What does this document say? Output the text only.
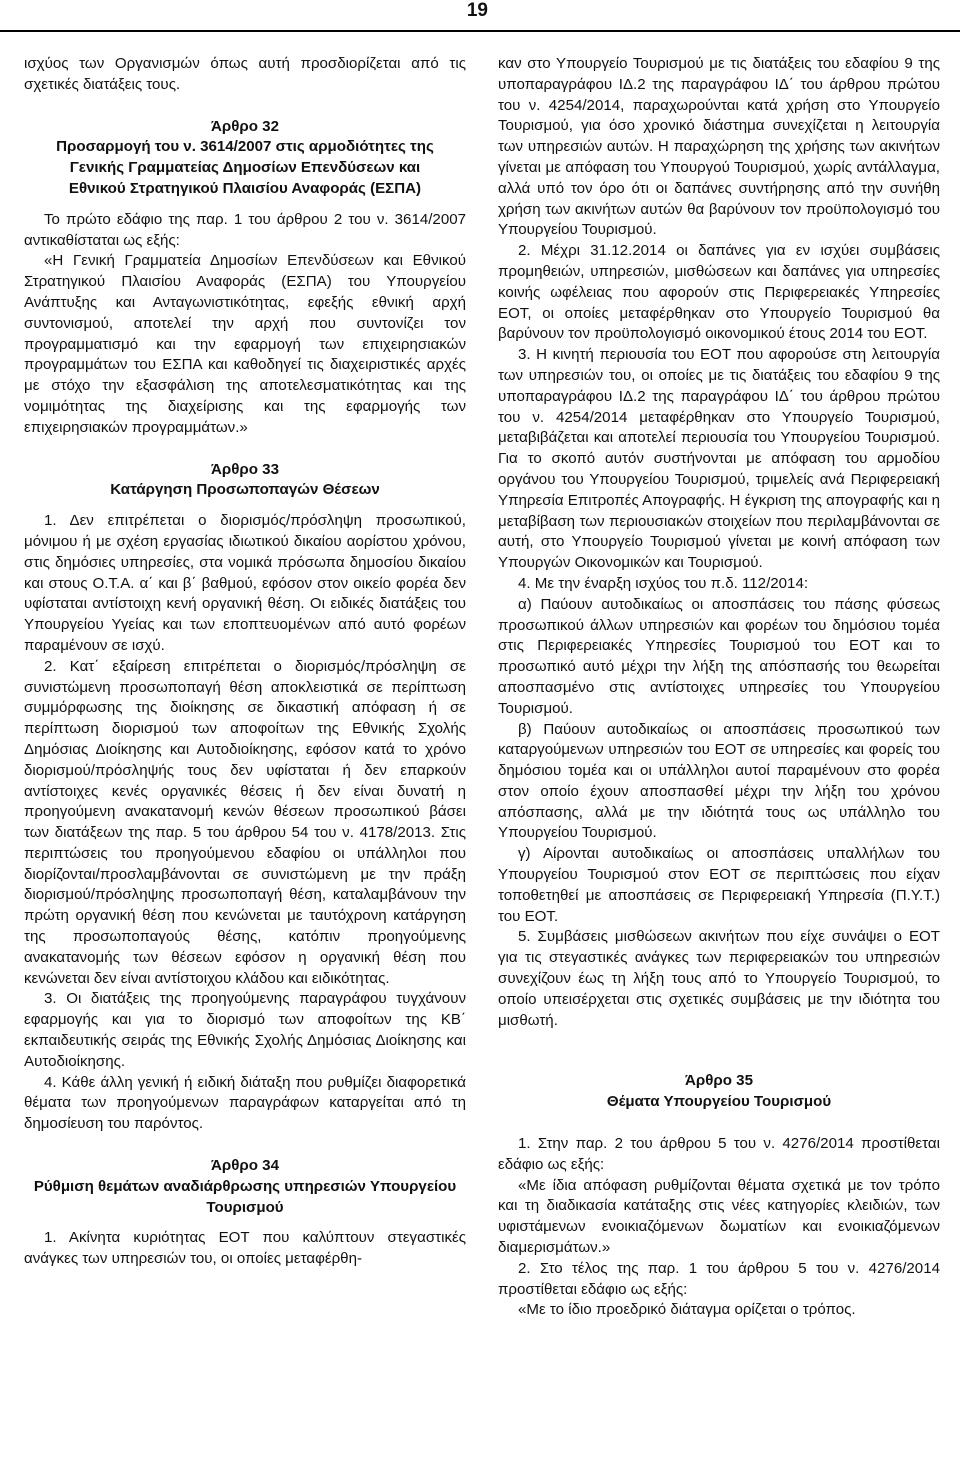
19

ισχύος των Οργανισμών όπως αυτή προσδιορίζεται από τις σχετικές διατάξεις τους.

Άρθρο 32

Προσαρμογή του ν. 3614/2007 στις αρμοδιότητες της Γενικής Γραμματείας Δημοσίων Επενδύσεων και Εθνικού Στρατηγικού Πλαισίου Αναφοράς (ΕΣΠΑ)

Το πρώτο εδάφιο της παρ. 1 του άρθρου 2 του ν. 3614/2007 αντικαθίσταται ως εξής:

«Η Γενική Γραμματεία Δημοσίων Επενδύσεων και Εθνικού Στρατηγικού Πλαισίου Αναφοράς (ΕΣΠΑ) του Υπουργείου Ανάπτυξης και Ανταγωνιστικότητας, εφεξής εθνική αρχή συντονισμού, αποτελεί την αρχή που συντονίζει τον προγραμματισμό και την εφαρμογή των επιχειρησιακών προγραμμάτων του ΕΣΠΑ και καθοδηγεί τις διαχειριστικές αρχές με στόχο την εξασφάλιση της αποτελεσματικότητας και της νομιμότητας της διαχείρισης και της εφαρμογής των επιχειρησιακών προγραμμάτων.»

Άρθρο 33

Κατάργηση Προσωποπαγών Θέσεων

1. Δεν επιτρέπεται ο διορισμός/πρόσληψη προσωπικού, μόνιμου ή με σχέση εργασίας ιδιωτικού δικαίου αορίστου χρόνου, στις δημόσιες υπηρεσίες, στα νομικά πρόσωπα δημοσίου δικαίου και στους Ο.Τ.Α. α΄ και β΄ βαθμού, εφόσον στον οικείο φορέα δεν υφίσταται αντίστοιχη κενή οργανική θέση. Οι ειδικές διατάξεις του Υπουργείου Υγείας και των εποπτευομένων από αυτό φορέων παραμένουν σε ισχύ.

2. Κατ΄ εξαίρεση επιτρέπεται ο διορισμός/πρόσληψη σε συνιστώμενη προσωποπαγή θέση αποκλειστικά σε περίπτωση συμμόρφωσης της διοίκησης σε δικαστική απόφαση ή σε περίπτωση διορισμού των αποφοίτων της Εθνικής Σχολής Δημόσιας Διοίκησης και Αυτοδιοίκησης, εφόσον κατά το χρόνο διορισμού/πρόσληψής τους δεν υφίσταται ή δεν επαρκούν αντίστοιχες κενές οργανικές θέσεις ή δεν είναι δυνατή η προηγούμενη ανακατανομή κενών θέσεων προσωπικού βάσει των διατάξεων της παρ. 5 του άρθρου 54 του ν. 4178/2013. Στις περιπτώσεις του προηγούμενου εδαφίου οι υπάλληλοι που διορίζονται/προσλαμβάνονται σε συνιστώμενη με την πράξη διορισμού/πρόσληψης προσωποπαγή θέση, καταλαμβάνουν την πρώτη οργανική θέση που κενώνεται με ταυτόχρονη κατάργηση της προσωποπαγούς θέσης, κατόπιν προηγούμενης ανακατανομής των θέσεων εφόσον η οργανική θέση που κενώνεται δεν είναι αντίστοιχου κλάδου και ειδικότητας.

3. Οι διατάξεις της προηγούμενης παραγράφου τυγχάνουν εφαρμογής και για το διορισμό των αποφοίτων της ΚΒ΄ εκπαιδευτικής σειράς της Εθνικής Σχολής Δημόσιας Διοίκησης και Αυτοδιοίκησης.

4. Κάθε άλλη γενική ή ειδική διάταξη που ρυθμίζει διαφορετικά θέματα των προηγούμενων παραγράφων καταργείται από τη δημοσίευση του παρόντος.

Άρθρο 34

Ρύθμιση θεμάτων αναδιάρθρωσης υπηρεσιών Υπουργείου Τουρισμού

1. Ακίνητα κυριότητας ΕΟΤ που καλύπτουν στεγαστικές ανάγκες των υπηρεσιών του, οι οποίες μεταφέρθη-

καν στο Υπουργείο Τουρισμού με τις διατάξεις του εδαφίου 9 της υποπαραγράφου ΙΔ.2 της παραγράφου ΙΔ΄ του άρθρου πρώτου του ν. 4254/2014, παραχωρούνται κατά χρήση στο Υπουργείο Τουρισμού, για όσο χρονικό διάστημα συνεχίζεται η λειτουργία των υπηρεσιών αυτών. Η παραχώρηση της χρήσης των ακινήτων γίνεται με απόφαση του Υπουργού Τουρισμού, χωρίς αντάλλαγμα, αλλά υπό τον όρο ότι οι δαπάνες συντήρησης από την συνήθη χρήση των ακινήτων αυτών θα βαρύνουν τον προϋπολογισμό του Υπουργείου Τουρισμού.

2. Μέχρι 31.12.2014 οι δαπάνες για εν ισχύει συμβάσεις προμηθειών, υπηρεσιών, μισθώσεων και δαπάνες για υπηρεσίες κοινής ωφέλειας που αφορούν στις Περιφερειακές Υπηρεσίες ΕΟΤ, οι οποίες μεταφέρθηκαν στο Υπουργείο Τουρισμού θα βαρύνουν τον προϋπολογισμό οικονομικού έτους 2014 του ΕΟΤ.

3. Η κινητή περιουσία του ΕΟΤ που αφορούσε στη λειτουργία των υπηρεσιών του, οι οποίες με τις διατάξεις του εδαφίου 9 της υποπαραγράφου ΙΔ.2 της παραγράφου ΙΔ΄ του άρθρου πρώτου του ν. 4254/2014 μεταφέρθηκαν στο Υπουργείο Τουρισμού, μεταβιβάζεται και αποτελεί περιουσία του Υπουργείου Τουρισμού. Για το σκοπό αυτόν συστήνονται με απόφαση του αρμοδίου οργάνου του Υπουργείου Τουρισμού, τριμελείς ανά Περιφερειακή Υπηρεσία Επιτροπές Απογραφής. Η έγκριση της απογραφής και η μεταβίβαση των περιουσιακών στοιχείων που περιλαμβάνονται σε αυτή, στο Υπουργείο Τουρισμού γίνεται με κοινή απόφαση των Υπουργών Οικονομικών και Τουρισμού.

4. Με την έναρξη ισχύος του π.δ. 112/2014:

α) Παύουν αυτοδικαίως οι αποσπάσεις του πάσης φύσεως προσωπικού άλλων υπηρεσιών και φορέων του δημόσιου τομέα στις Περιφερειακές Υπηρεσίες Τουρισμού του ΕΟΤ και το προσωπικό αυτό μέχρι την λήξη της απόσπασής του θεωρείται αποσπασμένο στις αντίστοιχες υπηρεσίες του Υπουργείου Τουρισμού.

β) Παύουν αυτοδικαίως οι αποσπάσεις προσωπικού των καταργούμενων υπηρεσιών του ΕΟΤ σε υπηρεσίες και φορείς του δημόσιου τομέα και οι υπάλληλοι αυτοί παραμένουν στο φορέα στον οποίο έχουν αποσπασθεί μέχρι την λήξη του χρόνου απόσπασης, αλλά με την ιδιότητά τους ως υπάλληλο του Υπουργείου Τουρισμού.

γ) Αίρονται αυτοδικαίως οι αποσπάσεις υπαλλήλων του Υπουργείου Τουρισμού στον ΕΟΤ σε περιπτώσεις που είχαν τοποθετηθεί με αποσπάσεις σε Περιφερειακή Υπηρεσία (Π.Υ.Τ.) του ΕΟΤ.

5. Συμβάσεις μισθώσεων ακινήτων που είχε συνάψει ο ΕΟΤ για τις στεγαστικές ανάγκες των περιφερειακών του υπηρεσιών συνεχίζουν έως τη λήξη τους από το Υπουργείο Τουρισμού, το οποίο υπεισέρχεται στις σχετικές συμβάσεις με την ιδιότητα του μισθωτή.

Άρθρο 35

Θέματα Υπουργείου Τουρισμού

1. Στην παρ. 2 του άρθρου 5 του ν. 4276/2014 προστίθεται εδάφιο ως εξής:

«Με ίδια απόφαση ρυθμίζονται θέματα σχετικά με τον τρόπο και τη διαδικασία κατάταξης στις νέες κατηγορίες κλειδιών, των υφιστάμενων ενοικιαζόμενων δωματίων και ενοικιαζόμενων διαμερισμάτων.»

2. Στο τέλος της παρ. 1 του άρθρου 5 του ν. 4276/2014 προστίθεται εδάφιο ως εξής:

«Με το ίδιο προεδρικό διάταγμα ορίζεται ο τρόπος.
